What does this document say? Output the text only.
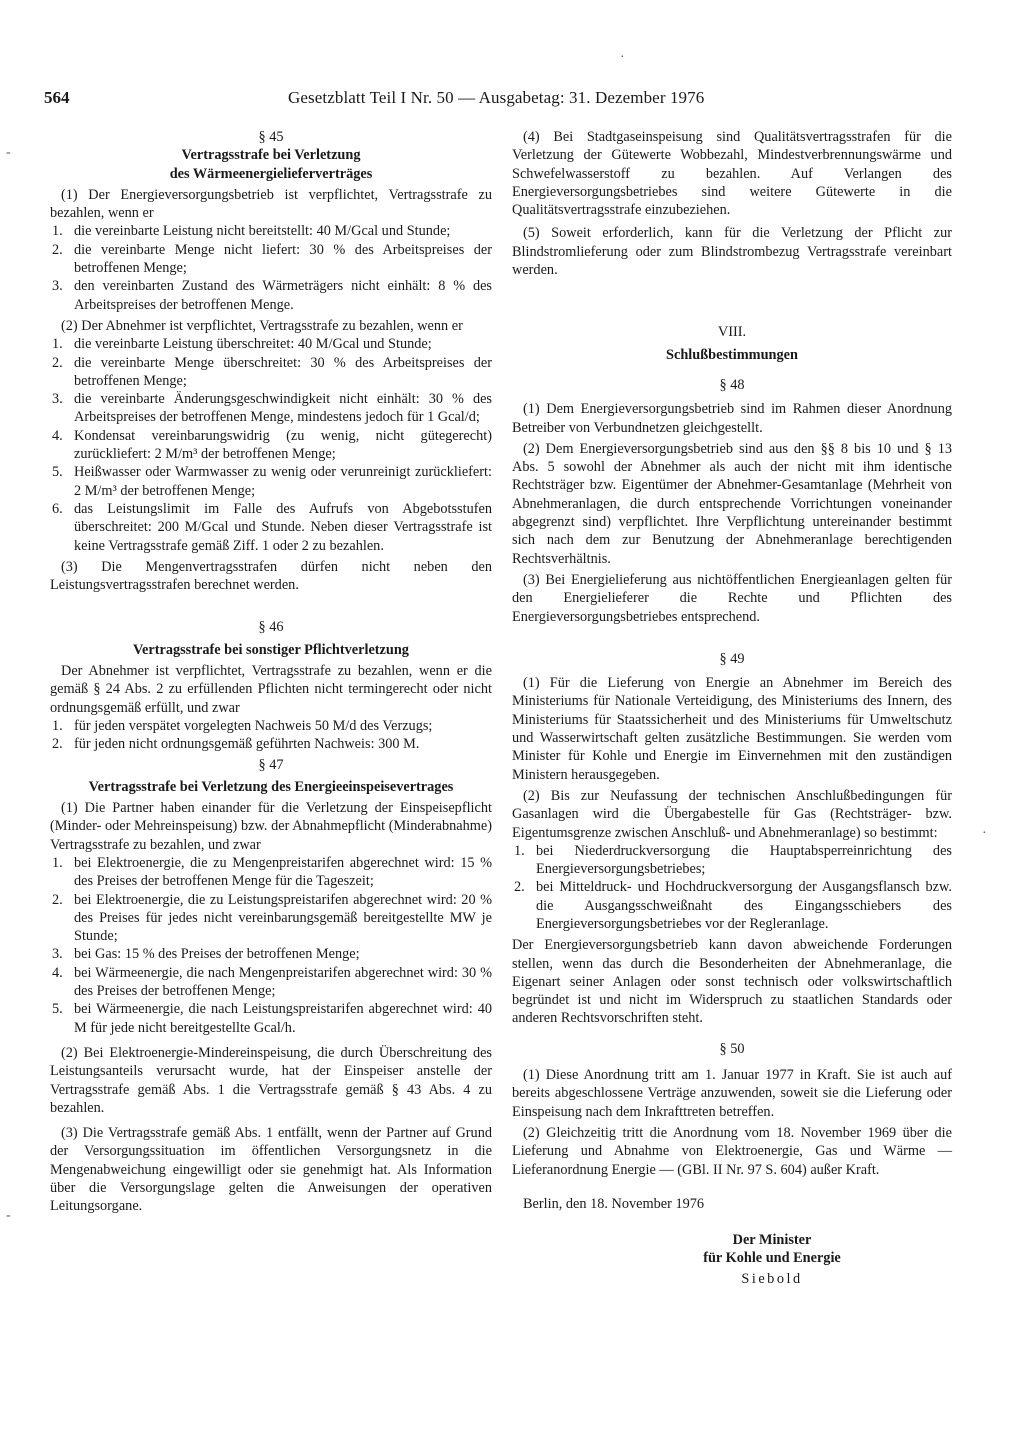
564	Gesetzblatt Teil I Nr. 50 — Ausgabetag: 31. Dezember 1976

§ 45

Vertragsstrafe bei Verletzung

des Wärmeenergielieferverträges

(1) Der Energieversorgungsbetrieb ist verpflichtet, Vertragsstrafe zu bezahlen, wenn er

1. die vereinbarte Leistung nicht bereitstellt: 40 M/Gcal und Stunde;
2. die vereinbarte Menge nicht liefert: 30 % des Arbeitspreises der betroffenen Menge;
3. den vereinbarten Zustand des Wärmeträgers nicht einhält: 8 % des Arbeitspreises der betroffenen Menge.

(2) Der Abnehmer ist verpflichtet, Vertragsstrafe zu bezahlen, wenn er

1. die vereinbarte Leistung überschreitet: 40 M/Gcal und Stunde;
2. die vereinbarte Menge überschreitet: 30 % des Arbeitspreises der betroffenen Menge;
3. die vereinbarte Änderungsgeschwindigkeit nicht einhält: 30 % des Arbeitspreises der betroffenen Menge, mindestens jedoch für 1 Gcal/d;
4. Kondensat vereinbarungswidrig (zu wenig, nicht gütegerecht) zurückliefert: 2 M/m³ der betroffenen Menge;
5. Heißwasser oder Warmwasser zu wenig oder verunreinigt zurückliefert: 2 M/m³ der betroffenen Menge;
6. das Leistungslimit im Falle des Aufrufs von Abgebotsstufen überschreitet: 200 M/Gcal und Stunde. Neben dieser Vertragsstrafe ist keine Vertragsstrafe gemäß Ziff. 1 oder 2 zu bezahlen.

(3) Die Mengenvertragsstrafen dürfen nicht neben den Leistungsvertragsstrafen berechnet werden.

§ 46

Vertragsstrafe bei sonstiger Pflichtverletzung

Der Abnehmer ist verpflichtet, Vertragsstrafe zu bezahlen, wenn er die gemäß § 24 Abs. 2 zu erfüllenden Pflichten nicht termingerecht oder nicht ordnungsgemäß erfüllt, und zwar

1. für jeden verspätet vorgelegten Nachweis 50 M/d des Verzugs;
2. für jeden nicht ordnungsgemäß geführten Nachweis: 300 M.

§ 47

Vertragsstrafe bei Verletzung des Energieeinspeisevertrages

(1) Die Partner haben einander für die Verletzung der Einspeisepflicht (Minder- oder Mehreinspeisung) bzw. der Abnahmepflicht (Minderabnahme) Vertragsstrafe zu bezahlen, und zwar

1. bei Elektroenergie, die zu Mengenpreistarifen abgerechnet wird: 15 % des Preises der betroffenen Menge für die Tageszeit;
2. bei Elektroenergie, die zu Leistungspreistarifen abgerechnet wird: 20 % des Preises für jedes nicht vereinbarungsgemäß bereitgestellte MW je Stunde;
3. bei Gas: 15 % des Preises der betroffenen Menge;
4. bei Wärmeenergie, die nach Mengenpreistarifen abgerechnet wird: 30 % des Preises der betroffenen Menge;
5. bei Wärmeenergie, die nach Leistungspreistarifen abgerechnet wird: 40 M für jede nicht bereitgestellte Gcal/h.

(2) Bei Elektroenergie-Mindereinspeisung, die durch Überschreitung des Leistungsanteils verursacht wurde, hat der Einspeiser anstelle der Vertragsstrafe gemäß Abs. 1 die Vertragsstrafe gemäß § 43 Abs. 4 zu bezahlen.

(3) Die Vertragsstrafe gemäß Abs. 1 entfällt, wenn der Partner auf Grund der Versorgungssituation im öffentlichen Versorgungsnetz in die Mengenabweichung eingewilligt oder sie genehmigt hat. Als Information über die Versorgungslage gelten die Anweisungen der operativen Leitungsorgane.

(4) Bei Stadtgaseinspeisung sind Qualitätsvertragsstrafen für die Verletzung der Gütewerte Wobbezahl, Mindestverbrennungswärme und Schwefelwasserstoff zu bezahlen. Auf Verlangen des Energieversorgungsbetriebes sind weitere Gütewerte in die Qualitätsvertragsstrafe einzubeziehen.

(5) Soweit erforderlich, kann für die Verletzung der Pflicht zur Blindstromlieferung oder zum Blindstrombezug Vertragsstrafe vereinbart werden.

VIII.

Schlußbestimmungen

§ 48

(1) Dem Energieversorgungsbetrieb sind im Rahmen dieser Anordnung Betreiber von Verbundnetzen gleichgestellt.

(2) Dem Energieversorgungsbetrieb sind aus den §§ 8 bis 10 und § 13 Abs. 5 sowohl der Abnehmer als auch der nicht mit ihm identische Rechtsträger bzw. Eigentümer der Abnehmer-Gesamtanlage (Mehrheit von Abnehmeranlagen, die durch entsprechende Vorrichtungen voneinander abgegrenzt sind) verpflichtet. Ihre Verpflichtung untereinander bestimmt sich nach dem zur Benutzung der Abnehmeranlage berechtigenden Rechtsverhältnis.

(3) Bei Energielieferung aus nichtöffentlichen Energieanlagen gelten für den Energielieferer die Rechte und Pflichten des Energieversorgungsbetriebes entsprechend.

§ 49

(1) Für die Lieferung von Energie an Abnehmer im Bereich des Ministeriums für Nationale Verteidigung, des Ministeriums des Innern, des Ministeriums für Staatssicherheit und des Ministeriums für Umweltschutz und Wasserwirtschaft gelten zusätzliche Bestimmungen. Sie werden vom Minister für Kohle und Energie im Einvernehmen mit den zuständigen Ministern herausgegeben.

(2) Bis zur Neufassung der technischen Anschlußbedingungen für Gasanlagen wird die Übergabestelle für Gas (Rechtsträger- bzw. Eigentumsgrenze zwischen Anschluß- und Abnehmeranlage) so bestimmt:

1. bei Niederdruckversorgung die Hauptabsperreinrichtung des Energieversorgungsbetriebes;
2. bei Mitteldruck- und Hochdruckversorgung der Ausgangsflansch bzw. die Ausgangsschweißnaht des Eingangsschiebers des Energieversorgungsbetriebes vor der Regleranlage.

Der Energieversorgungsbetrieb kann davon abweichende Forderungen stellen, wenn das durch die Besonderheiten der Abnehmeranlage, die Eigenart seiner Anlagen oder sonst technisch oder volkswirtschaftlich begründet ist und nicht im Widerspruch zu staatlichen Standards oder anderen Rechtsvorschriften steht.

§ 50

(1) Diese Anordnung tritt am 1. Januar 1977 in Kraft. Sie ist auch auf bereits abgeschlossene Verträge anzuwenden, soweit sie die Lieferung oder Einspeisung nach dem Inkrafttreten betreffen.

(2) Gleichzeitig tritt die Anordnung vom 18. November 1969 über die Lieferung und Abnahme von Elektroenergie, Gas und Wärme — Lieferanordnung Energie — (GBl. II Nr. 97 S. 604) außer Kraft.

Berlin, den 18. November 1976

Der Minister

für Kohle und Energie

Siebold

-
·
-
·
